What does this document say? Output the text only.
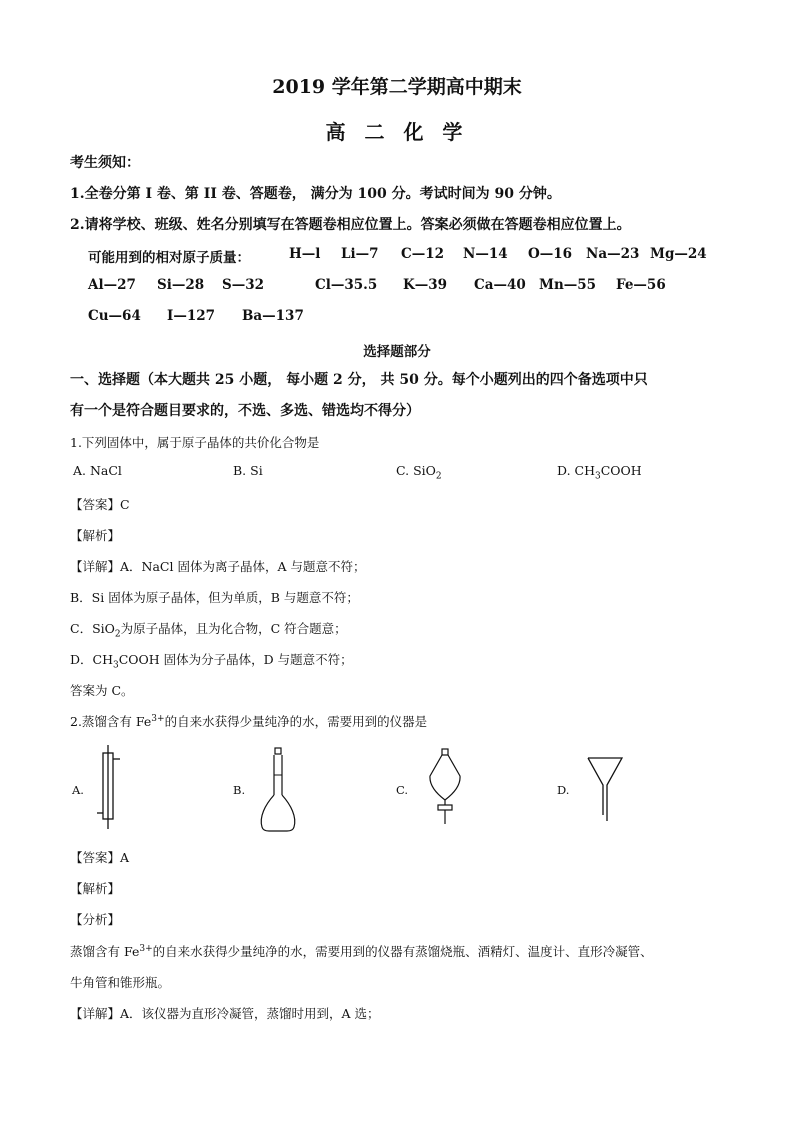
2019 学年第二学期高中期末
高 二 化 学
考生须知：
1.全卷分第 I 卷、第 II 卷、答题卷， 满分为 100 分。考试时间为 90 分钟。
2.请将学校、班级、姓名分别填写在答题卷相应位置上。答案必须做在答题卷相应位置上。
可能用到的相对原子质量：	H—l Li—7 C—12 N—14 O—16 Na—23 Mg—24
Al—27 Si—28 S—32	Cl—35.5 K—39 Ca—40 Mn—55 Fe—56
Cu—64 I—127 Ba—137
选择题部分
一、选择题（本大题共 25 小题， 每小题 2 分， 共 50 分。每个小题列出的四个备选项中只
有一个是符合题目要求的，不选、多选、错选均不得分）
1.下列固体中，属于原子晶体的共价化合物是
A. NaCl	B. Si	C. SiO$_2$	D. $CH_3COOH$
【答案】C
【解析】
【详解】A．NaCl 固体为离子晶体，A 与题意不符；
B．Si 固体为原子晶体，但为单质，B 与题意不符；
C．SiO$_2$为原子晶体，且为化合物，C 符合题意；
D．$CH_3COOH$ 固体为分子晶体，D 与题意不符；
答案为 C。
2.蒸馏含有 $Fe^{3+}$的自来水获得少量纯净的水，需要用到的仪器是
A.	B.	C.	D.
【答案】A
【解析】
【分析】
蒸馏含有 $Fe^{3+}$的自来水获得少量纯净的水，需要用到的仪器有蒸馏烧瓶、酒精灯、温度计、直形冷凝管、
牛角管和锥形瓶。
【详解】A．该仪器为直形冷凝管，蒸馏时用到，A 选；
